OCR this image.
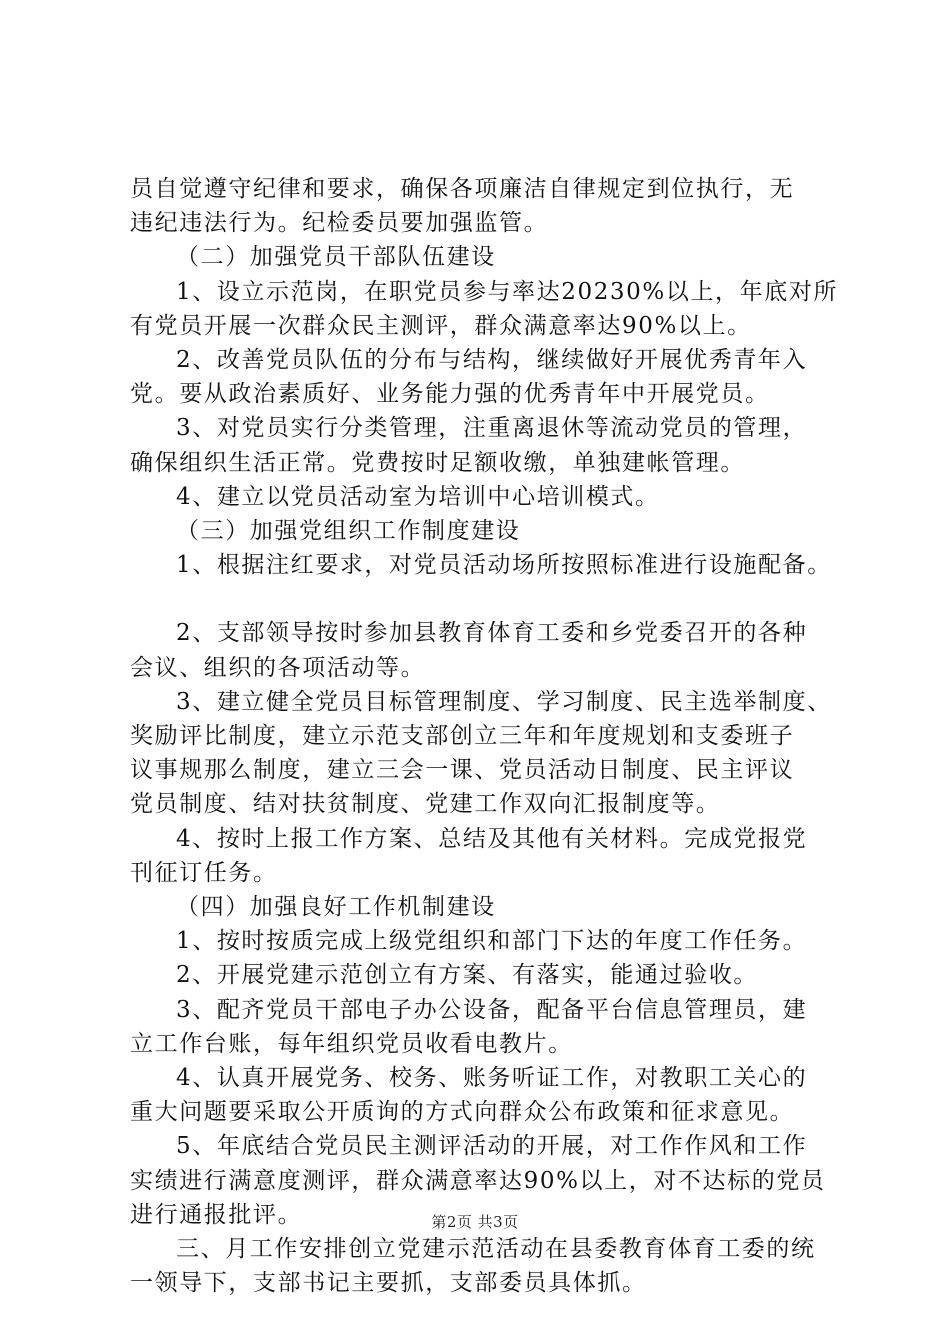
员自觉遵守纪律和要求，确保各项廉洁自律规定到位执行，无

违纪违法行为。纪检委员要加强监管。

（二）加强党员干部队伍建设

1、设立示范岗，在职党员参与率达20230%以上，年底对所

有党员开展一次群众民主测评，群众满意率达90%以上。

2、改善党员队伍的分布与结构，继续做好开展优秀青年入

党。要从政治素质好、业务能力强的优秀青年中开展党员。

3、对党员实行分类管理，注重离退休等流动党员的管理，

确保组织生活正常。党费按时足额收缴，单独建帐管理。

4、建立以党员活动室为培训中心培训模式。

（三）加强党组织工作制度建设

1、根据注红要求，对党员活动场所按照标准进行设施配备。

2、支部领导按时参加县教育体育工委和乡党委召开的各种

会议、组织的各项活动等。

3、建立健全党员目标管理制度、学习制度、民主选举制度、

奖励评比制度，建立示范支部创立三年和年度规划和支委班子

议事规那么制度，建立三会一课、党员活动日制度、民主评议

党员制度、结对扶贫制度、党建工作双向汇报制度等。

4、按时上报工作方案、总结及其他有关材料。完成党报党

刊征订任务。

（四）加强良好工作机制建设

1、按时按质完成上级党组织和部门下达的年度工作任务。

2、开展党建示范创立有方案、有落实，能通过验收。

3、配齐党员干部电子办公设备，配备平台信息管理员，建

立工作台账，每年组织党员收看电教片。

4、认真开展党务、校务、账务听证工作，对教职工关心的

重大问题要采取公开质询的方式向群众公布政策和征求意见。

5、年底结合党员民主测评活动的开展，对工作作风和工作

实绩进行满意度测评，群众满意率达90%以上，对不达标的党员

进行通报批评。

三、月工作安排创立党建示范活动在县委教育体育工委的统

一领导下，支部书记主要抓，支部委员具体抓。

第2页 共3页
